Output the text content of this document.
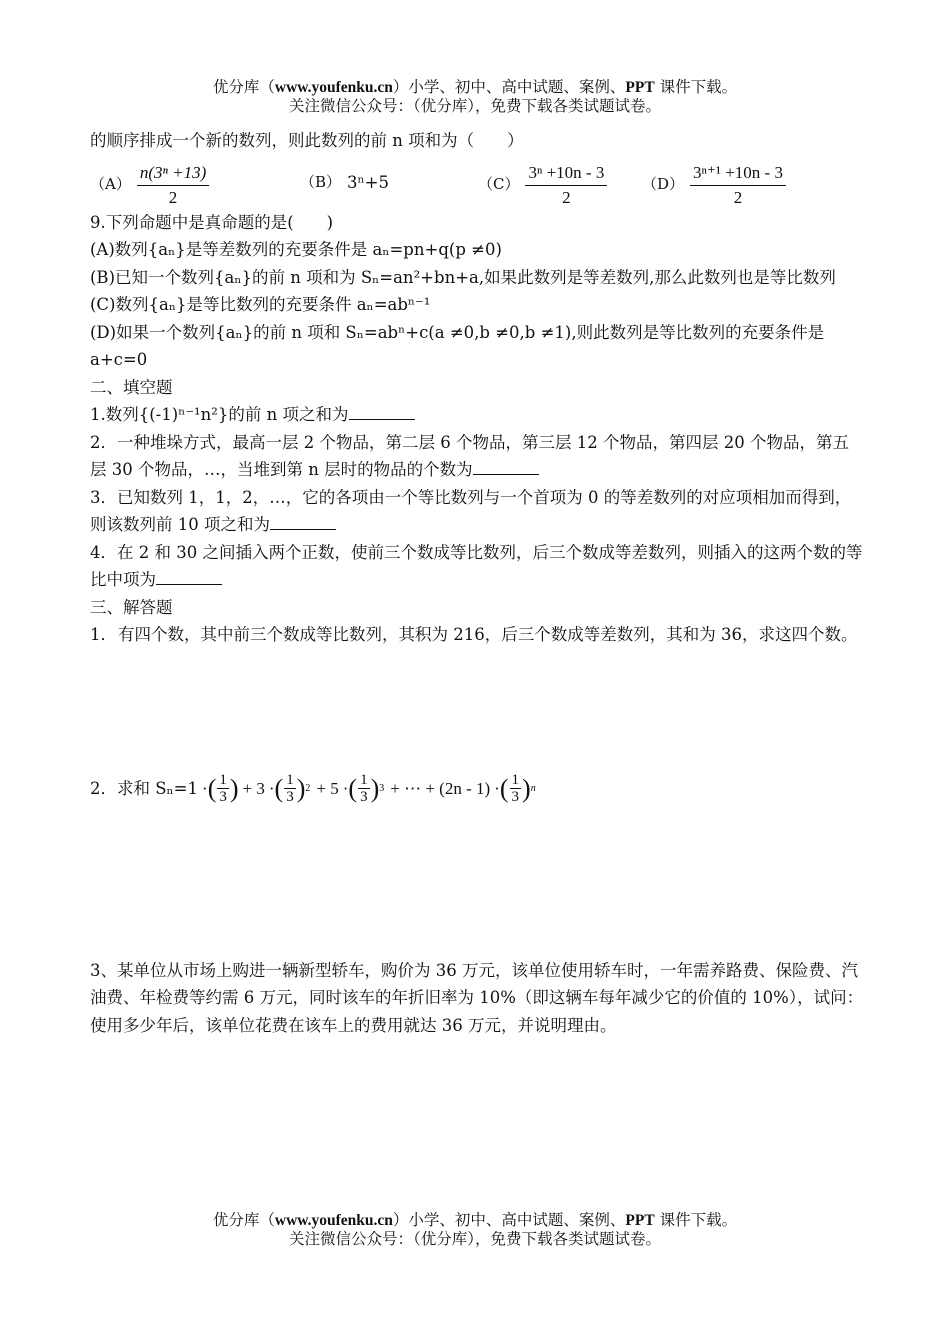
优分库（www.youfenku.cn）小学、初中、高中试题、案例、PPT 课件下载。
关注微信公众号：（优分库），免费下载各类试题试卷。
的顺序排成一个新的数列，则此数列的前 n 项和为（　　）
$(A) \frac{\text{n(3ⁿ +13)}}{2}$	（B） 3ⁿ+5	$(C) \frac{\text{3ⁿ +10n - 3}}{2} (D) \frac{\text{3ⁿ⁺¹ +10n - 3}}{2}$
9.下列命题中是真命题的是(　　)
(A)数列{aₙ}是等差数列的充要条件是 aₙ=pn+q(p ≠0)
(B)已知一个数列{aₙ}的前 n 项和为 Sₙ=an²+bn+a,如果此数列是等差数列,那么此数列也是等比数列
(C)数列{aₙ}是等比数列的充要条件 aₙ=abⁿ⁻¹
(D)如果一个数列{aₙ}的前 n 项和 Sₙ=abⁿ+c(a ≠0,b ≠0,b ≠1),则此数列是等比数列的充要条件是 a+c=0
二、填空题
1.数列{(-1)ⁿ⁻¹n²}的前 n 项之和为
2．一种堆垛方式，最高一层 2 个物品，第二层 6 个物品，第三层 12 个物品，第四层 20 个物品，第五层 30 个物品，…，当堆到第 n 层时的物品的个数为
3．已知数列 1，1，2，…，它的各项由一个等比数列与一个首项为 0 的等差数列的对应项相加而得到，则该数列前 10 项之和为
4．在 2 和 30 之间插入两个正数，使前三个数成等比数列，后三个数成等差数列，则插入的这两个数的等比中项为
三、解答题
1． 有四个数，其中前三个数成等比数列，其积为 216，后三个数成等差数列，其和为 36，求这四个数。
2．求和 Sₙ=1 · ( 1
3 ) + 3 · ( 1
3 ) 2 + 5 · ( 1
3 ) 3 + ⋯ + (2n - 1) · ( 1
3 ) n
3、某单位从市场上购进一辆新型轿车，购价为 36 万元，该单位使用轿车时，一年需养路费、保险费、汽油费、年检费等约需 6 万元，同时该车的年折旧率为 10%（即这辆车每年减少它的价值的 10%），试问：使用多少年后，该单位花费在该车上的费用就达 36 万元，并说明理由。
优分库（www.youfenku.cn）小学、初中、高中试题、案例、PPT 课件下载。
关注微信公众号：（优分库），免费下载各类试题试卷。
